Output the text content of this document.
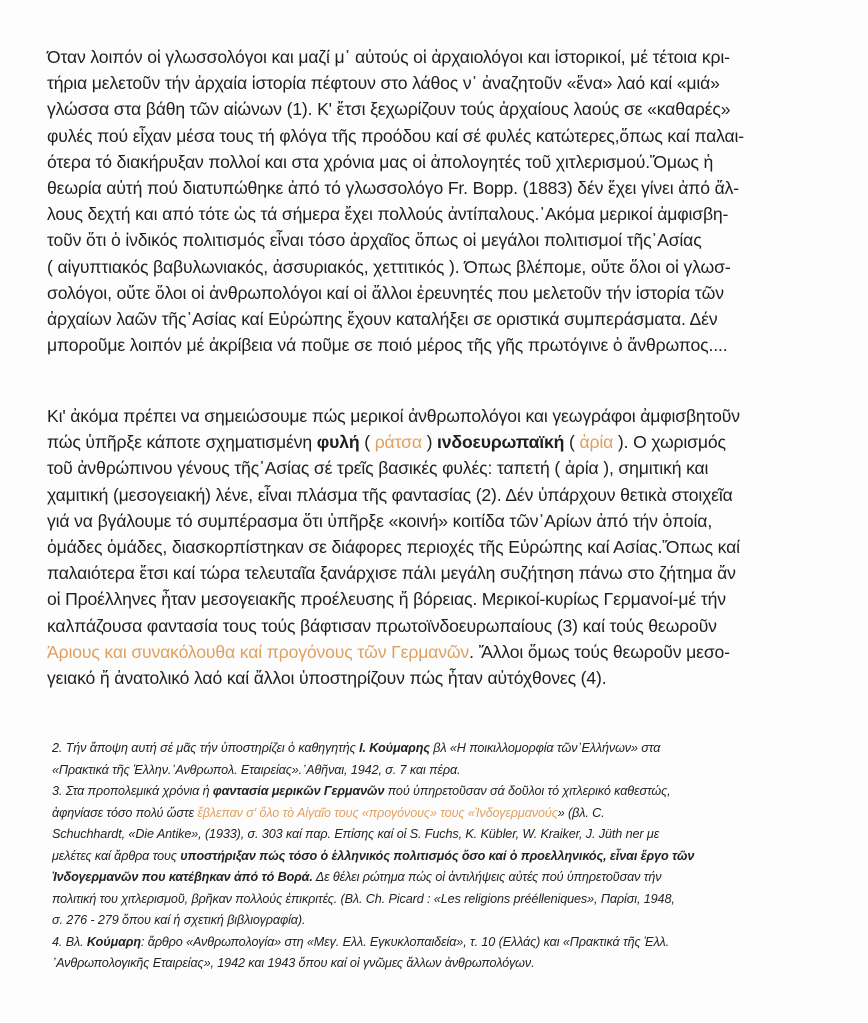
Όταν λοιπόν οἱ γλωσσολόγοι και μαζί μ᾽ αὐτούς οἱ ἀρχαιολόγοι και ἱστορικοί, μέ τέτοια κρι-
τήρια μελετοῦν τήν ἀρχαία ἱστορία πέφτουν στο λάθος ν᾽ ἀναζητοῦν «ἕνα» λαό καί «μιά»
γλώσσα στα βάθη τῶν αἰώνων (1). Κ' ἔτσι ξεχωρίζουν τούς ἀρχαίους λαούς σε «καθαρές»
φυλές πού εἶχαν μέσα τους τή φλόγα τῆς προόδου καί σέ φυλές κατώτερες,ὅπως καί παλαι-
ότερα τό διακήρυξαν πολλοί και στα χρόνια μας οἱ ἀπολογητές τοῦ χιτλερισμού.Ὅμως ἡ
θεωρία αὐτή πού διατυπώθηκε ἀπό τό γλωσσολόγο Fr. Bopp. (1883) δέν ἔχει γίνει ἀπό ἄλ-
λους δεχτή και από τότε ὡς τά σήμερα ἔχει πολλούς ἀντίπαλους.᾽Ακόμα μερικοί ἀμφισβη-
τοῦν ὅτι ὁ ἰνδικός πολιτισμός εἶναι τόσο ἀρχαῖος ὅπως οἱ μεγάλοι πολιτισμοί τῆς᾽Ασίας
( αἰγυπτιακός βαβυλωνιακός, ἀσσυριακός, χεττιτικός ). Όπως βλέπομε, οὔτε ὅλοι οἱ γλωσ-
σολόγοι, οὔτε ὅλοι οἱ ἀνθρωπολόγοι καί οἱ ἄλλοι ἐρευνητές που μελετοῦν τήν ἱστορία τῶν
ἀρχαίων λαῶν τῆς᾽Ασίας καί Εὐρώπης ἔχουν καταλήξει σε οριστικά συμπεράσματα. Δέν
μποροῦμε λοιπόν μέ ἀκρίβεια νά ποῦμε σε ποιό μέρος τῆς γῆς πρωτόγινε ὁ ἄνθρωπος....
Κι' ἀκόμα πρέπει να σημειώσουμε πώς μερικοί ἀνθρωπολόγοι και γεωγράφοι ἀμφισβητοῦν
πώς ὑπῆρξε κάποτε σχηματισμένη φυλή ( ράτσα ) ινδοευρωπαϊκή ( ἀρία ). Ο χωρισμός
τοῦ ἀνθρώπινου γένους τῆς᾽Ασίας σέ τρεῖς βασικές φυλές: ταπετή ( ἀρία ), σημιτική και
χαμιτική (μεσογειακή) λένε, εἶναι πλάσμα τῆς φαντασίας (2). Δέν ὑπάρχουν θετικὰ στοιχεῖα
γιά να βγάλουμε τό συμπέρασμα ὅτι ὑπῆρξε «κοινή» κοιτίδα τῶν᾽Αρίων ἀπό τήν ὁποία,
ὁμάδες ὁμάδες, διασκορπίστηκαν σε διάφορες περιοχές τῆς Εὐρώπης καί Ασίας.Ὅπως καί
παλαιότερα ἔτσι καί τώρα τελευταῖα ξανάρχισε πάλι μεγάλη συζήτηση πάνω στο ζήτημα ἄν
οἱ Προέλληνες ἦταν μεσογειακῆς προέλευσης ἤ βόρειας. Μερικοί-κυρίως Γερμανοί-μέ τήν
καλπάζουσα φαντασία τους τούς βάφτισαν πρωτοϊνδοευρωπαίους (3) καί τούς θεωροῦν
Άριους και συνακόλουθα καί προγόνους τῶν Γερμανῶν. Ἄλλοι ὅμως τούς θεωροῦν μεσο-
γειακό ἤ ἀνατολικό λαό καί ἄλλοι ὑποστηρίζουν πώς ἦταν αὐτόχθονες (4).
2. Τήν ἄποψη αυτή σέ μᾶς τήν ὑποστηρίζει ὁ καθηγητής Ι. Κούμαρης βλ «Η ποικιλλομορφία τῶν᾽Ελλήνων» στα
«Πρακτικά τῆς Ἑλλην.᾽Ανθρωπολ. Εταιρείας».᾽Αθῆναι, 1942, σ. 7 και πέρα.
3. Στα προπολεμικά χρόνια ἡ φαντασία μερικῶν Γερμανῶν πού ὑπηρετοῦσαν σά δοῦλοι τό χιτλερικό καθεστώς,
ἀφηνίασε τόσο πολύ ὥστε ἔβλεπαν σ' ὅλο τὸ Αἰγαῖο τους «προγόνους» τους «Ἰνδογερμανούς» (βλ. C.
Schuchhardt, «Die Antike», (1933), σ. 303 καί παρ. Επίσης καί οἱ S. Fuchs, K. Kübler, W. Kraiker, J. Jüth ner με
μελέτες καί ἄρθρα τους υποστήριξαν πώς τόσο ὁ ἑλληνικός πολιτισμός ὅσο καί ὁ προελληνικός, εἶναι ἔργο τῶν
Ἰνδογερμανῶν που κατέβηκαν ἀπό τό Βορά. Δε θέλει ρώτημα πώς οἱ ἀντιλήψεις αὐτές πού ὑπηρετοῦσαν τήν
πολιτική του χιτλερισμοῦ, βρῆκαν πολλούς ἐπικριτές. (Βλ. Ch. Picard : «Les religions préélleniques», Παρίσι, 1948,
σ. 276 - 279 ὅπου καί ἡ σχετική βιβλιογραφία).
4. Βλ. Κούμαρη: ἄρθρο «Ανθρωπολογία» στη «Μεγ. Ελλ. Εγκυκλοπαιδεία», τ. 10 (Ελλάς) και «Πρακτικά τῆς Ἑλλ.
᾽Ανθρωπολογικῆς Εταιρείας», 1942 και 1943 ὅπου καί οἱ γνῶμες ἄλλων ἀνθρωπολόγων.
